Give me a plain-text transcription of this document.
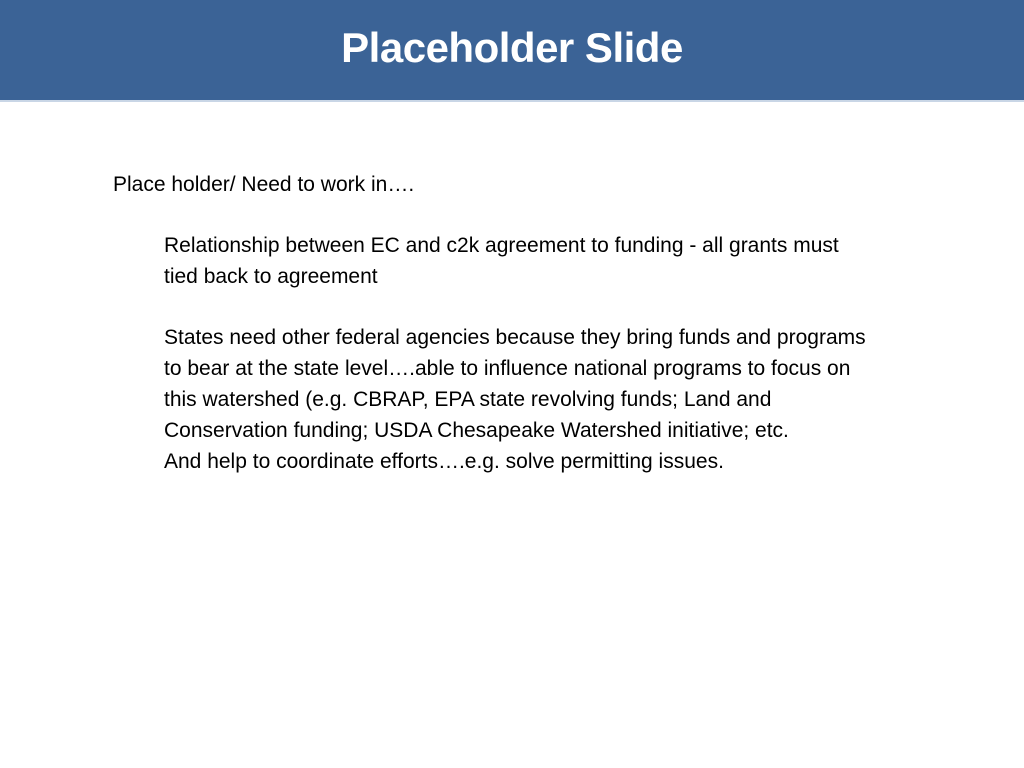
Placeholder Slide
Place holder/ Need to work in….
Relationship between EC and c2k agreement to funding - all grants must
tied back to agreement
States need other federal agencies because they bring funds and programs
to bear at the state level….able to influence national programs to focus on
this watershed (e.g. CBRAP, EPA state revolving funds; Land and
Conservation funding; USDA Chesapeake Watershed initiative; etc.
And help to coordinate efforts….e.g. solve permitting issues.
